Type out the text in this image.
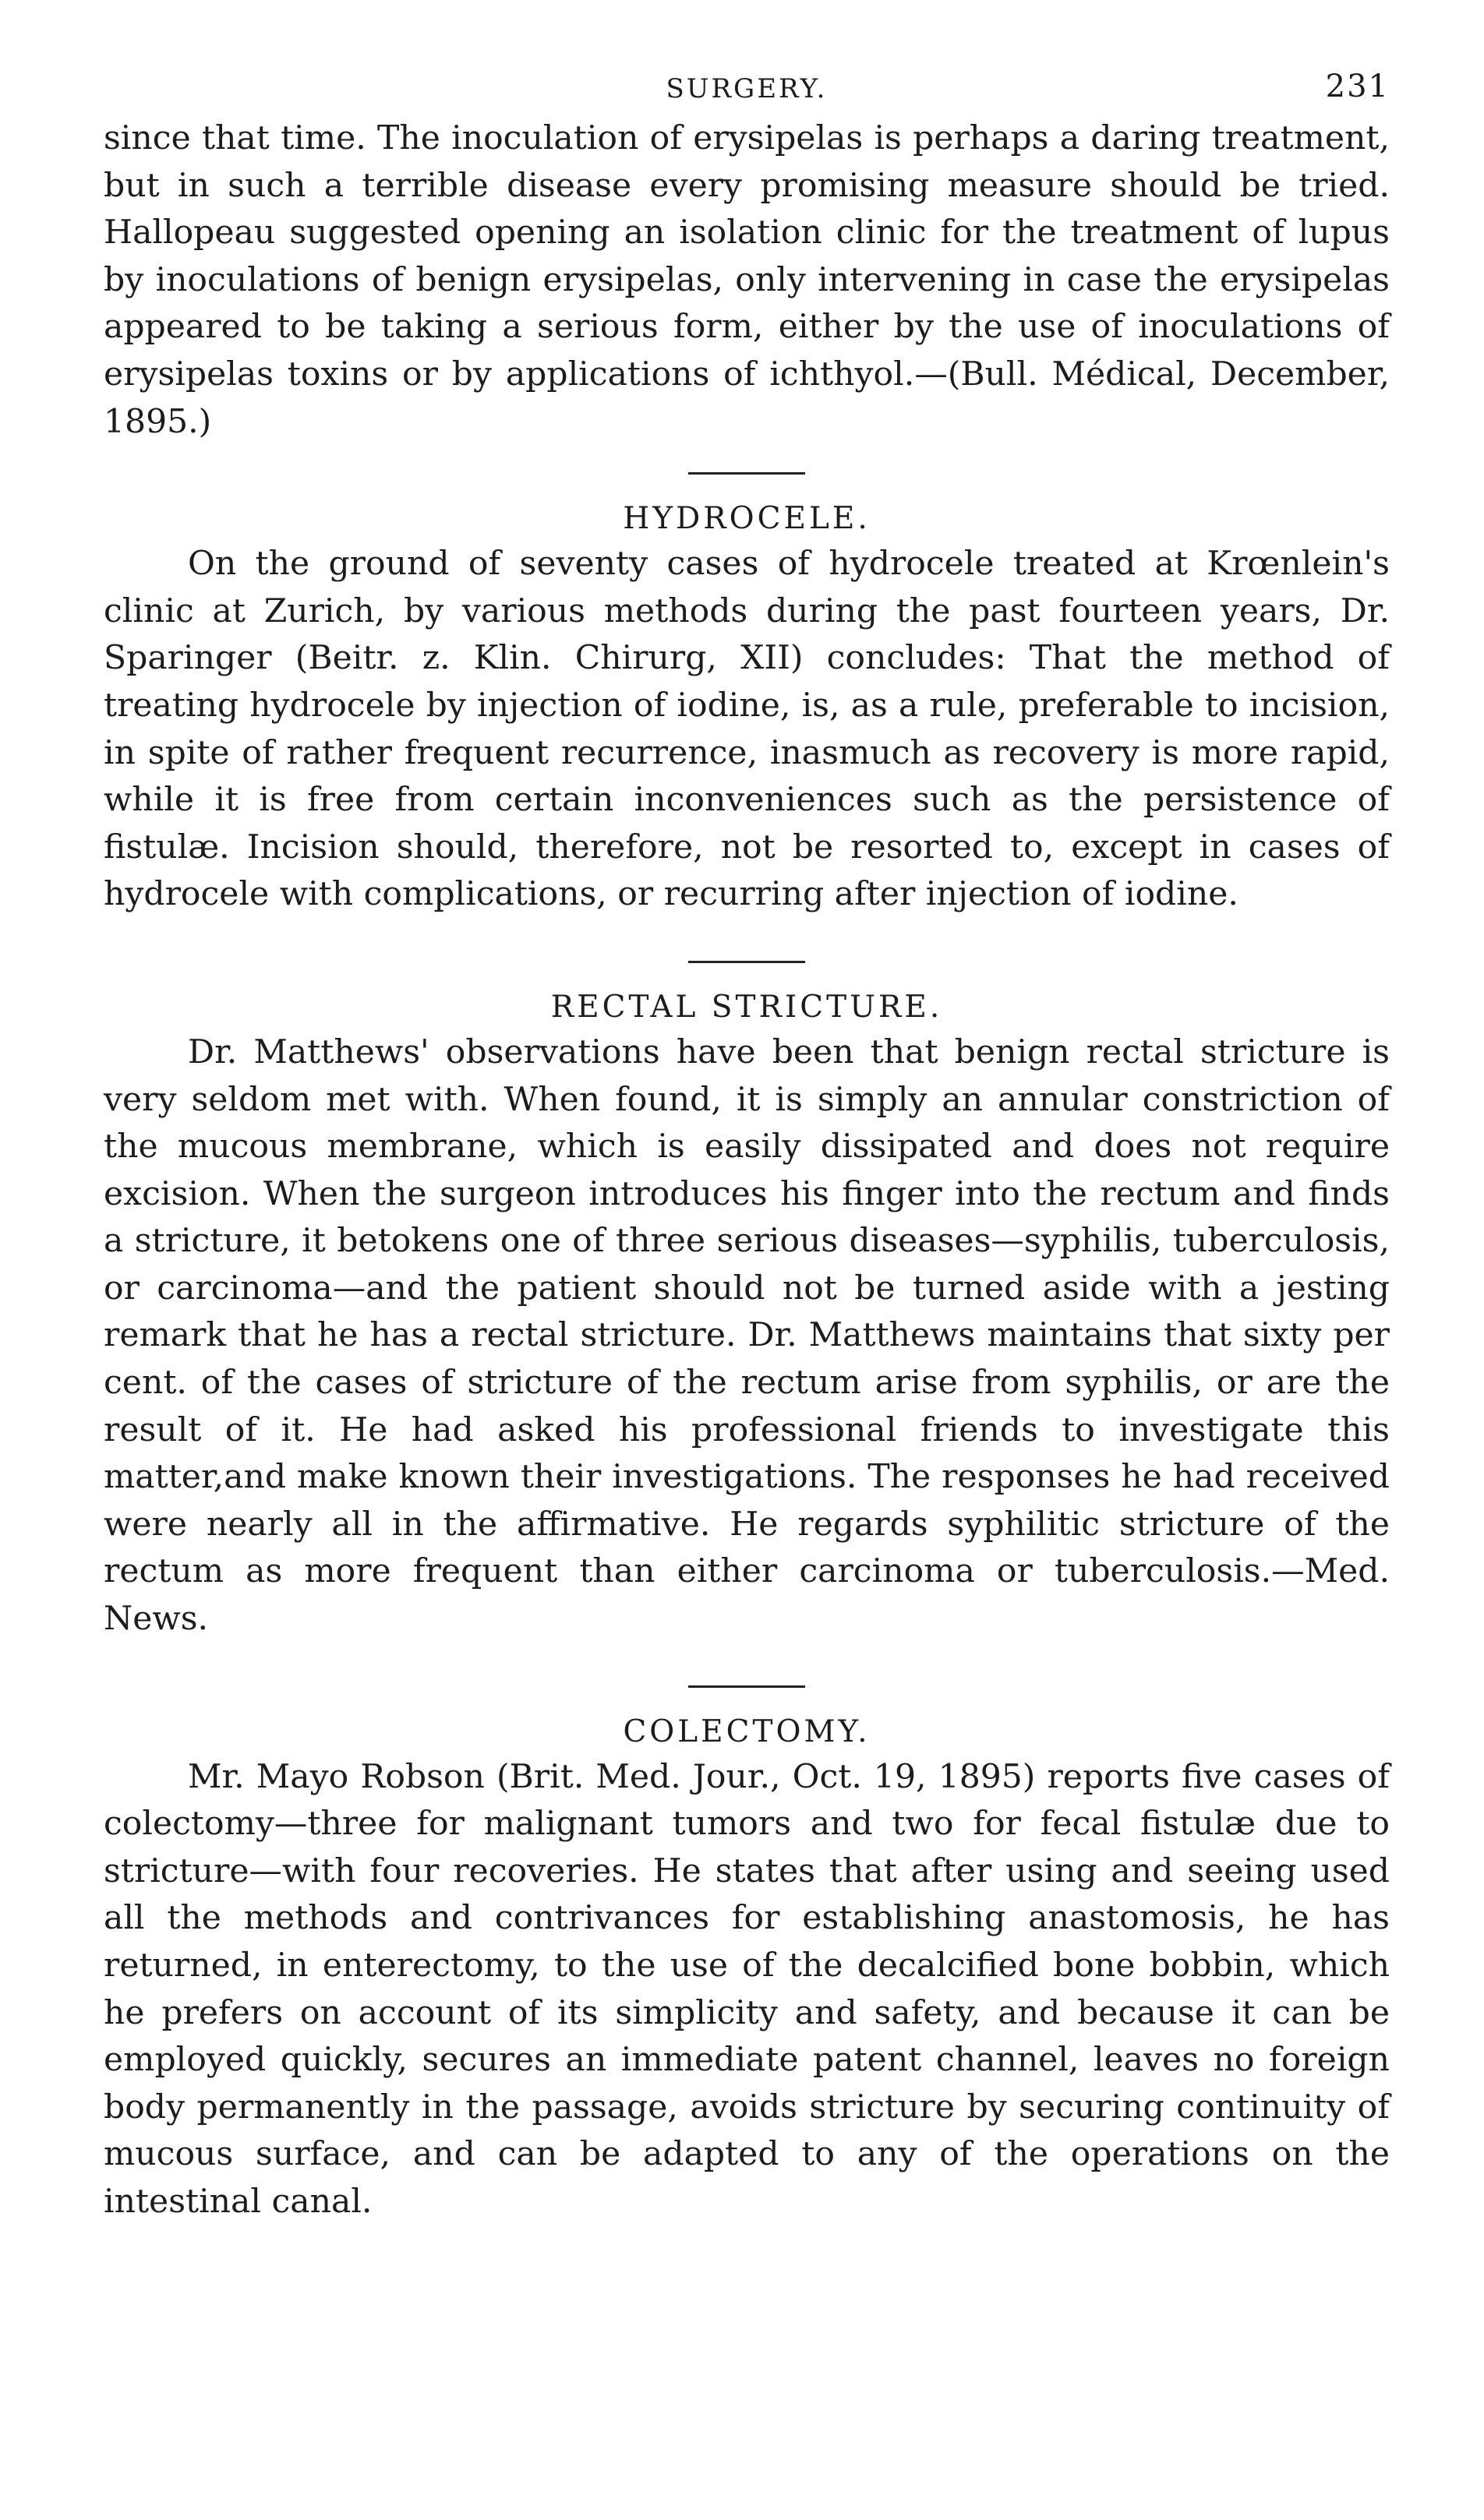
SURGERY.	231

since that time. The inoculation of erysipelas is perhaps a daring treatment, but in such a terrible disease every promising measure should be tried. Hallopeau suggested opening an isolation clinic for the treatment of lupus by inoculations of benign erysipelas, only intervening in case the erysipelas appeared to be taking a serious form, either by the use of inoculations of erysipelas toxins or by applications of ichthyol.—(Bull. Médical, December, 1895.)

HYDROCELE.

On the ground of seventy cases of hydrocele treated at Krœnlein's clinic at Zurich, by various methods during the past fourteen years, Dr. Sparinger (Beitr. z. Klin. Chirurg, XII) concludes: That the method of treating hydrocele by injection of iodine, is, as a rule, preferable to incision, in spite of rather frequent recurrence, inasmuch as recovery is more rapid, while it is free from certain inconveniences such as the persistence of fistulæ. Incision should, therefore, not be resorted to, except in cases of hydrocele with complications, or recurring after injection of iodine.

RECTAL STRICTURE.

Dr. Matthews' observations have been that benign rectal stricture is very seldom met with. When found, it is simply an annular constriction of the mucous membrane, which is easily dissipated and does not require excision. When the surgeon introduces his finger into the rectum and finds a stricture, it betokens one of three serious diseases—syphilis, tuberculosis, or carcinoma—and the patient should not be turned aside with a jesting remark that he has a rectal stricture. Dr. Matthews maintains that sixty per cent. of the cases of stricture of the rectum arise from syphilis, or are the result of it. He had asked his professional friends to investigate this matter,and make known their investigations. The responses he had received were nearly all in the affirmative. He regards syphilitic stricture of the rectum as more frequent than either carcinoma or tuberculosis.—Med. News.

COLECTOMY.

Mr. Mayo Robson (Brit. Med. Jour., Oct. 19, 1895) reports five cases of colectomy—three for malignant tumors and two for fecal fistulæ due to stricture—with four recoveries. He states that after using and seeing used all the methods and contrivances for establishing anastomosis, he has returned, in enterectomy, to the use of the decalcified bone bobbin, which he prefers on account of its simplicity and safety, and because it can be employed quickly, secures an immediate patent channel, leaves no foreign body permanently in the passage, avoids stricture by securing continuity of mucous surface, and can be adapted to any of the operations on the intestinal canal.
